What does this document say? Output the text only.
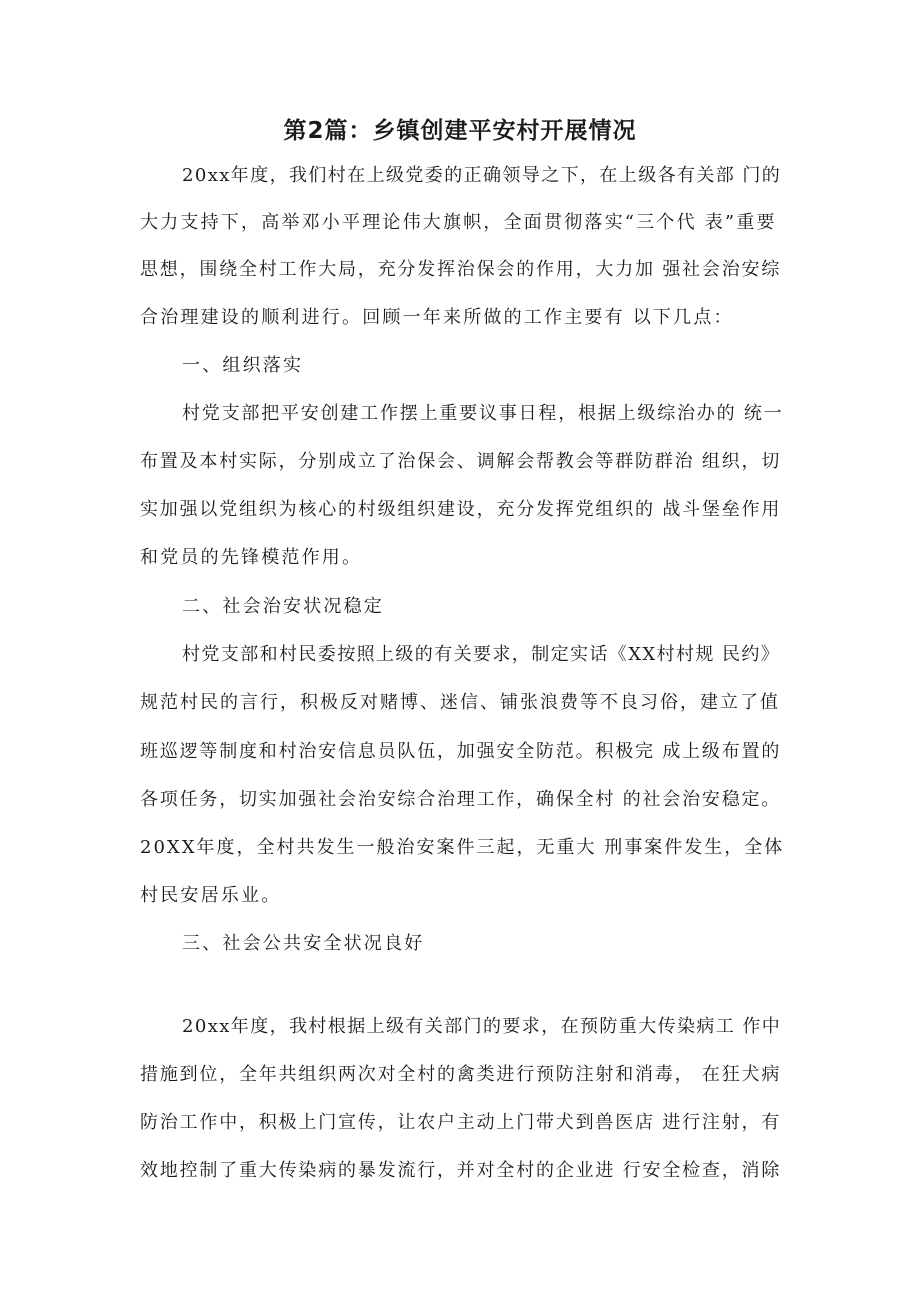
第2篇：乡镇创建平安村开展情况

20xx年度，我们村在上级党委的正确领导之下，在上级各有关部 门的

大力支持下，高举邓小平理论伟大旗帜，全面贯彻落实“三个代 表”重要

思想，围绕全村工作大局，充分发挥治保会的作用，大力加 强社会治安综

合治理建设的顺利进行。回顾一年来所做的工作主要有 以下几点：

一、组织落实

村党支部把平安创建工作摆上重要议事日程，根据上级综治办的 统一

布置及本村实际，分别成立了治保会、调解会帮教会等群防群治 组织，切

实加强以党组织为核心的村级组织建设，充分发挥党组织的 战斗堡垒作用

和党员的先锋模范作用。

二、社会治安状况稳定

村党支部和村民委按照上级的有关要求，制定实话《XX村村规 民约》

规范村民的言行，积极反对赌博、迷信、铺张浪费等不良习俗，建立了值

班巡逻等制度和村治安信息员队伍，加强安全防范。积极完 成上级布置的

各项任务，切实加强社会治安综合治理工作，确保全村 的社会治安稳定。

20XX年度，全村共发生一般治安案件三起，无重大 刑事案件发生，全体

村民安居乐业。

三、社会公共安全状况良好

20xx年度，我村根据上级有关部门的要求，在预防重大传染病工 作中

措施到位，全年共组织两次对全村的禽类进行预防注射和消毒， 在狂犬病

防治工作中，积极上门宣传，让农户主动上门带犬到兽医店 进行注射，有

效地控制了重大传染病的暴发流行，并对全村的企业进 行安全检查，消除
